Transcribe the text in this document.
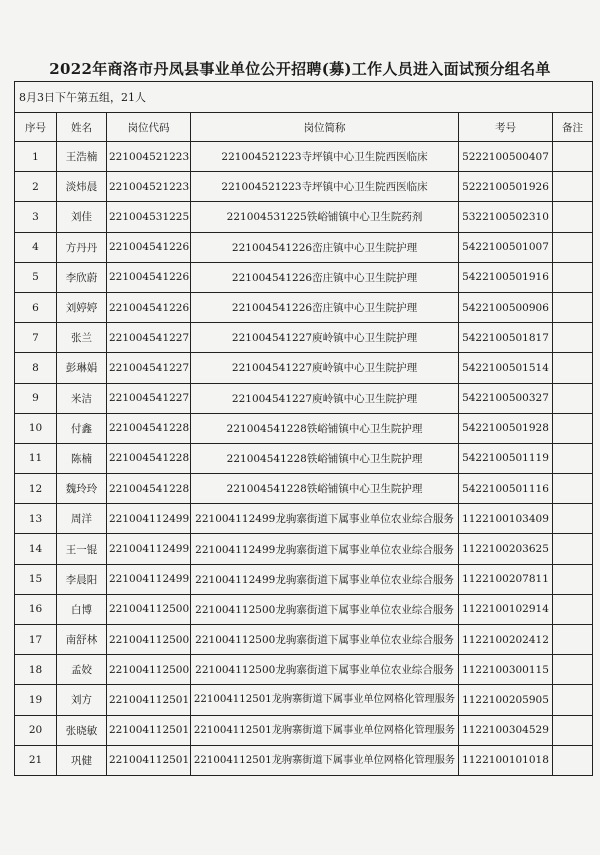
2022年商洛市丹凤县事业单位公开招聘(募)工作人员进入面试预分组名单
8月3日下午第五组，21人					
序号	姓名	岗位代码	岗位简称	考号	备注
1	王浩楠	221004521223	221004521223寺坪镇中心卫生院西医临床	5222100500407	
2	淡炜晨	221004521223	221004521223寺坪镇中心卫生院西医临床	5222100501926	
3	刘佳	221004531225	221004531225铁峪铺镇中心卫生院药剂	5322100502310	
4	方丹丹	221004541226	221004541226峦庄镇中心卫生院护理	5422100501007	
5	李欣蔚	221004541226	221004541226峦庄镇中心卫生院护理	5422100501916	
6	刘婷婷	221004541226	221004541226峦庄镇中心卫生院护理	5422100500906	
7	张兰	221004541227	221004541227庾岭镇中心卫生院护理	5422100501817	
8	彭琳娟	221004541227	221004541227庾岭镇中心卫生院护理	5422100501514	
9	米洁	221004541227	221004541227庾岭镇中心卫生院护理	5422100500327	
10	付鑫	221004541228	221004541228铁峪铺镇中心卫生院护理	5422100501928	
11	陈楠	221004541228	221004541228铁峪铺镇中心卫生院护理	5422100501119	
12	魏玲玲	221004541228	221004541228铁峪铺镇中心卫生院护理	5422100501116	
13	周洋	221004112499	221004112499龙驹寨街道下属事业单位农业综合服务	1122100103409	
14	王一锟	221004112499	221004112499龙驹寨街道下属事业单位农业综合服务	1122100203625	
15	李晨阳	221004112499	221004112499龙驹寨街道下属事业单位农业综合服务	1122100207811	
16	白博	221004112500	221004112500龙驹寨街道下属事业单位农业综合服务	1122100102914	
17	南舒林	221004112500	221004112500龙驹寨街道下属事业单位农业综合服务	1122100202412	
18	孟姣	221004112500	221004112500龙驹寨街道下属事业单位农业综合服务	1122100300115	
19	刘方	221004112501	221004112501龙驹寨街道下属事业单位网格化管理服务	1122100205905	
20	张晓敏	221004112501	221004112501龙驹寨街道下属事业单位网格化管理服务	1122100304529	
21	巩健	221004112501	221004112501龙驹寨街道下属事业单位网格化管理服务	1122100101018	
